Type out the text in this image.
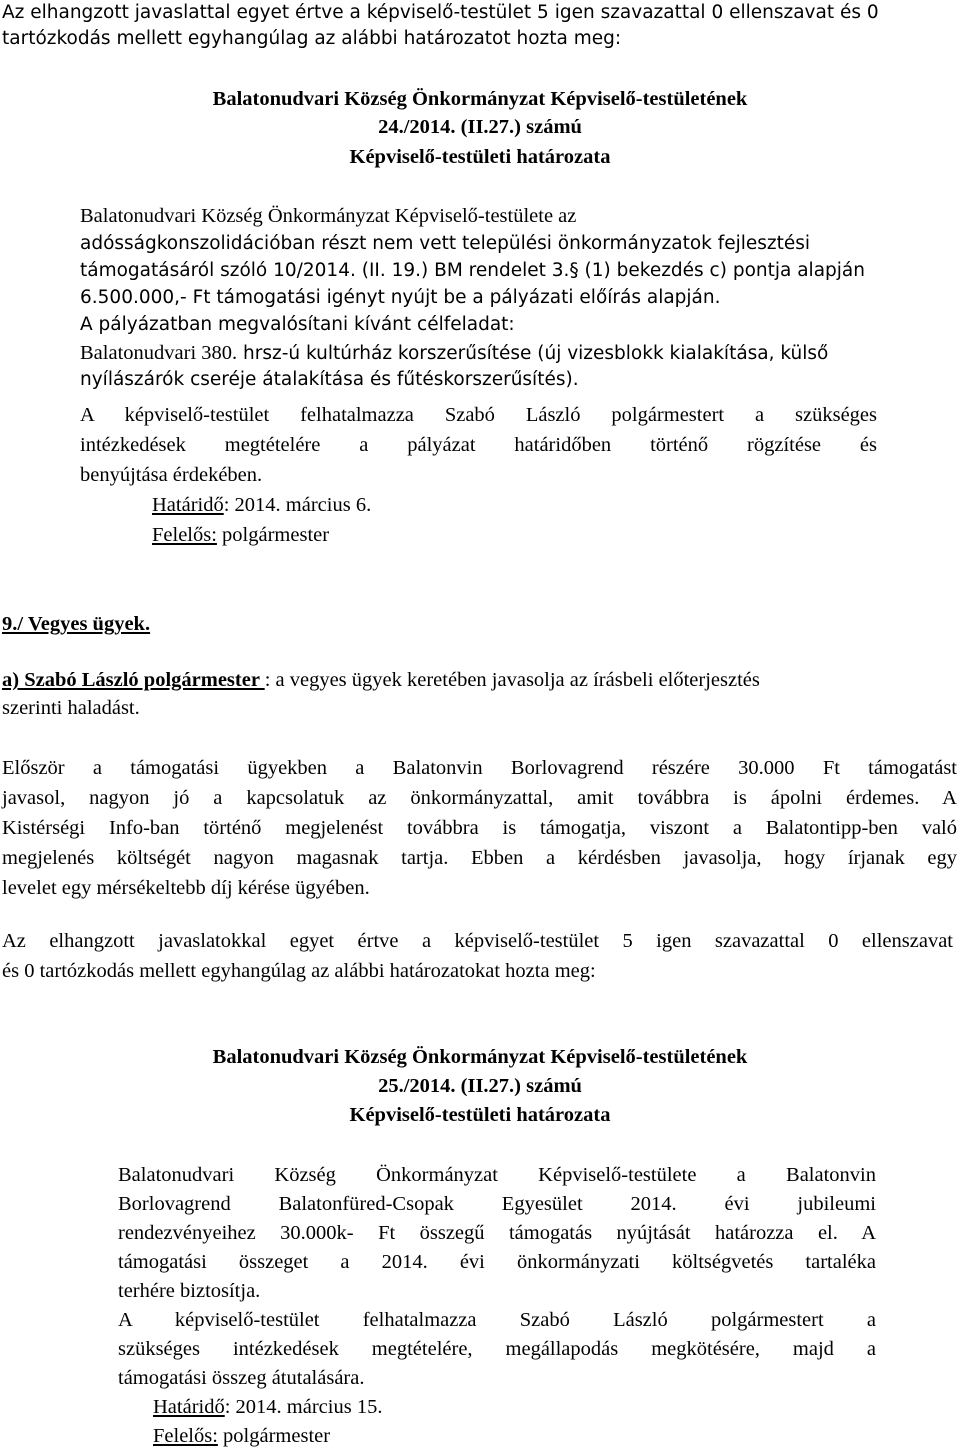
Az elhangzott javaslattal egyet értve a képviselő-testület 5 igen szavazattal 0 ellenszavat és 0
tartózkodás mellett egyhangúlag az alábbi határozatot hozta meg:
Balatonudvari Község Önkormányzat Képviselő-testületének
24./2014. (II.27.) számú
Képviselő-testületi határozata
Balatonudvari Község Önkormányzat Képviselő-testülete az
adósságkonszolidációban részt nem vett települési önkormányzatok fejlesztési
támogatásáról szóló 10/2014. (II. 19.) BM rendelet 3.§ (1) bekezdés c) pontja alapján
6.500.000,- Ft támogatási igényt nyújt be a pályázati előírás alapján.
A pályázatban megvalósítani kívánt célfeladat:
Balatonudvari 380. hrsz-ú kultúrház korszerűsítése (új vizesblokk kialakítása, külső
nyílászárók cseréje átalakítása és fűtéskorszerűsítés).
A képviselő-testület felhatalmazza Szabó László polgármestert a szükséges
intézkedések megtételére a pályázat határidőben történő rögzítése és
benyújtása érdekében.
Határidő: 2014. március 6.
Felelős: polgármester
9./ Vegyes ügyek.
a) Szabó László polgármester : a vegyes ügyek keretében javasolja az írásbeli előterjesztés
szerinti haladást.
Először a támogatási ügyekben a Balatonvin Borlovagrend részére 30.000 Ft támogatást
javasol, nagyon jó a kapcsolatuk az önkormányzattal, amit továbbra is ápolni érdemes. A
Kistérségi Info-ban történő megjelenést továbbra is támogatja, viszont a Balatontipp-ben való
megjelenés költségét nagyon magasnak tartja. Ebben a kérdésben javasolja, hogy írjanak egy
levelet egy mérsékeltebb díj kérése ügyében.
Az elhangzott javaslatokkal egyet értve a képviselő-testület 5 igen szavazattal 0 ellenszavat
és 0 tartózkodás mellett egyhangúlag az alábbi határozatokat hozta meg:
Balatonudvari Község Önkormányzat Képviselő-testületének
25./2014. (II.27.) számú
Képviselő-testületi határozata
Balatonudvari Község Önkormányzat Képviselő-testülete a Balatonvin
Borlovagrend Balatonfüred-Csopak Egyesület 2014. évi jubileumi
rendezvényeihez 30.000k- Ft összegű támogatás nyújtását határozza el. A
támogatási összeget a 2014. évi önkormányzati költségvetés tartaléka
terhére biztosítja.
A képviselő-testület felhatalmazza Szabó László polgármestert a
szükséges intézkedések megtételére, megállapodás megkötésére, majd a
támogatási összeg átutalására.
Határidő: 2014. március 15.
Felelős: polgármester
